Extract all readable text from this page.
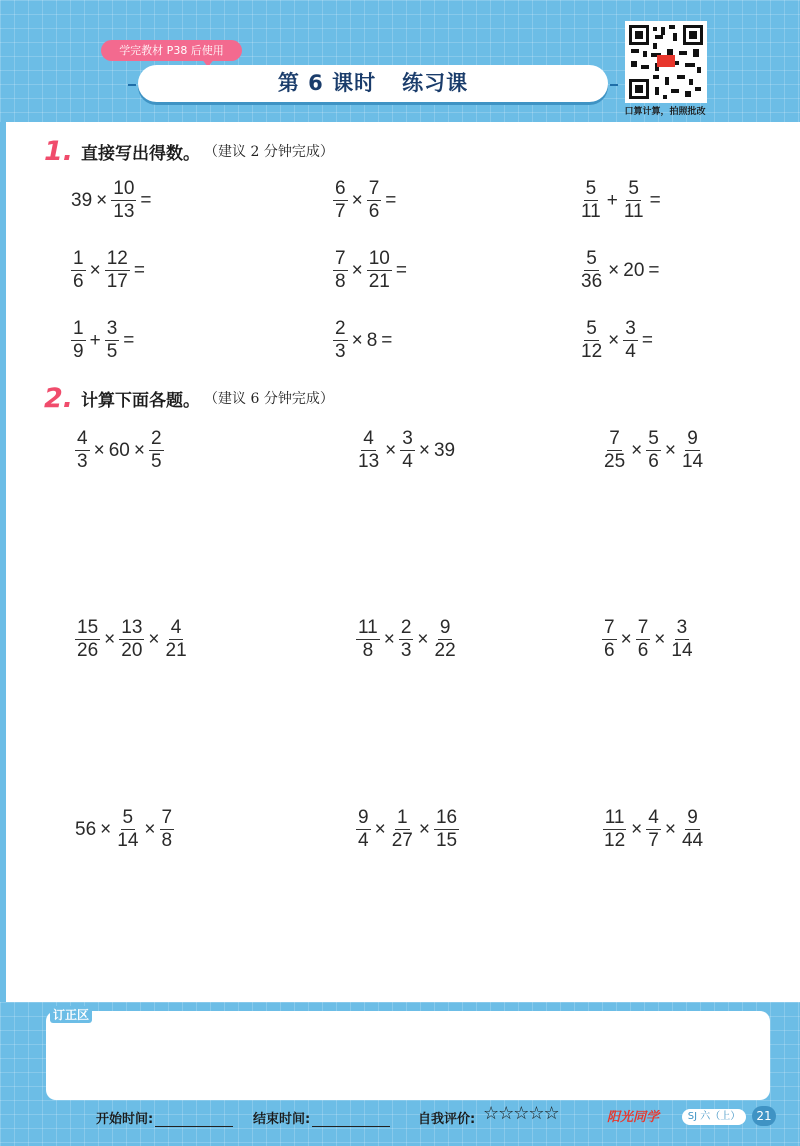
学完教材 P38 后使用
第 6 课时 练习课
口算计算，拍照批改
1. 直接写出得数。 （建议 2 分钟完成）
$39 \times \frac{10}{13}$ =	$\frac{6}{7} \times \frac{7}{6}$ =	$\frac{5}{11} + \frac{5}{11}$ =
$\frac{1}{6} \times \frac{12}{17}$ =	$\frac{7}{8} \times \frac{10}{21}$ =	$\frac{5}{36} \times 20$ =
$\frac{1}{9} + \frac{3}{5}$ =	$\frac{2}{3} \times 8$ =	$\frac{5}{12} \times \frac{3}{4}$ =
2. 计算下面各题。 （建议 6 分钟完成）
$\frac{4}{3} \times 60 \times \frac{2}{5}$	$\frac{4}{13} \times \frac{3}{4} \times 39$	$\frac{7}{25} \times \frac{5}{6} \times \frac{9}{14}$
$\frac{15}{26} \times \frac{13}{20} \times \frac{4}{21}$	$\frac{11}{8} \times \frac{2}{3} \times \frac{9}{22}$	$\frac{7}{6} \times \frac{7}{6} \times \frac{3}{14}$
$56 \times \frac{5}{14} \times \frac{7}{8}$	$\frac{9}{4} \times \frac{1}{27} \times \frac{16}{15}$	$\frac{11}{12} \times \frac{4}{7} \times \frac{9}{44}$
订正区
开始时间:	结束时间:	自我评价: ☆☆☆☆☆	阳光同学	SJ 六（上）	21
